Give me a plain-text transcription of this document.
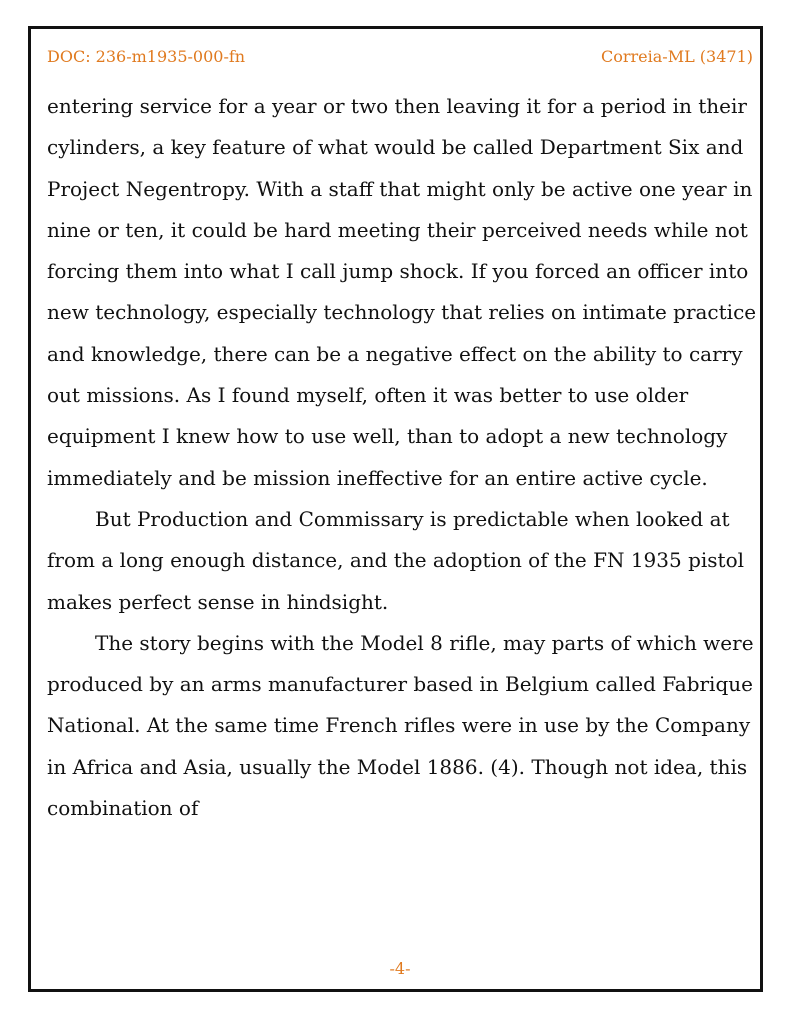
DOC: 236-m1935-000-fn	Correia-ML (3471)

entering service for a year or two then leaving it for a period in their cylinders, a key feature of what would be called Department Six and Project Negentropy. With a staff that might only be active one year in nine or ten, it could be hard meeting their perceived needs while not forcing them into what I call jump shock. If you forced an officer into new technology, especially technology that relies on intimate practice and knowledge, there can be a negative effect on the ability to carry out missions. As I found myself, often it was better to use older equipment I knew how to use well, than to adopt a new technology immediately and be mission ineffective for an entire active cycle.

But Production and Commissary is predictable when looked at from a long enough distance, and the adoption of the FN 1935 pistol makes perfect sense in hindsight.

The story begins with the Model 8 rifle, may parts of which were produced by an arms manufacturer based in Belgium called Fabrique National. At the same time French rifles were in use by the Company in Africa and Asia, usually the Model 1886. (4). Though not idea, this combination of

-4-
